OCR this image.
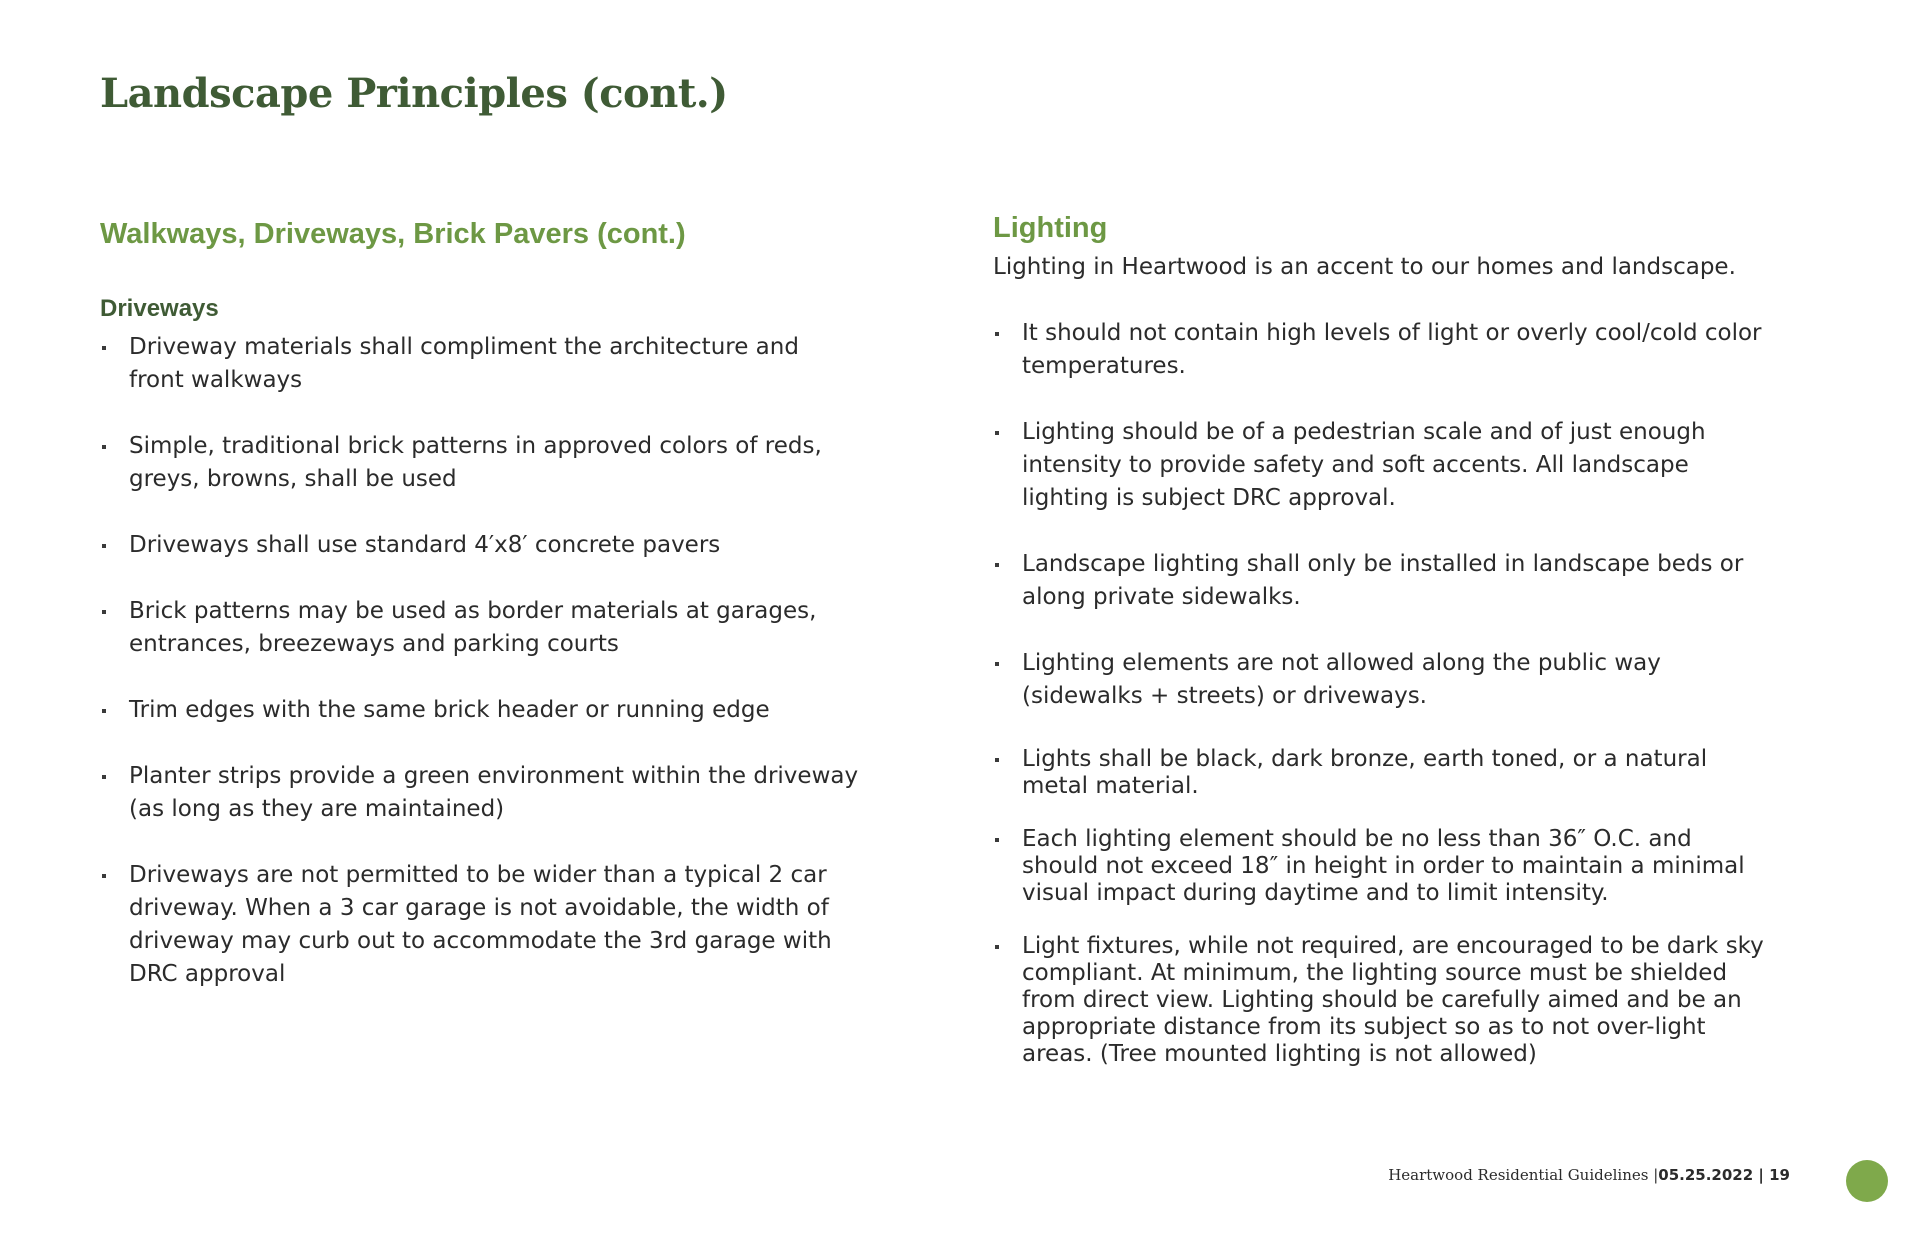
Landscape Principles (cont.)
Walkways, Driveways, Brick Pavers (cont.)
Driveways
Driveway materials shall compliment the architecture and front walkways
Simple, traditional brick patterns in approved colors of reds, greys, browns, shall be used
Driveways shall use standard 4′x8′ concrete pavers
Brick patterns may be used as border materials at garages, entrances, breezeways and parking courts
Trim edges with the same brick header or running edge
Planter strips provide a green environment within the driveway (as long as they are maintained)
Driveways are not permitted to be wider than a typical 2 car driveway. When a 3 car garage is not avoidable, the width of driveway may curb out to accommodate the 3rd garage with DRC approval
Lighting

Lighting in Heartwood is an accent to our homes and landscape.

It should not contain high levels of light or overly cool/cold color temperatures.
Lighting should be of a pedestrian scale and of just enough intensity to provide safety and soft accents. All landscape lighting is subject DRC approval.
Landscape lighting shall only be installed in landscape beds or along private sidewalks.
Lighting elements are not allowed along the public way (sidewalks + streets) or driveways.
Lights shall be black, dark bronze, earth toned, or a natural metal material.
Each lighting element should be no less than 36″ O.C. and should not exceed 18″ in height in order to maintain a minimal visual impact during daytime and to limit intensity.
Light fixtures, while not required, are encouraged to be dark sky compliant. At minimum, the lighting source must be shielded from direct view. Lighting should be carefully aimed and be an appropriate distance from its subject so as to not over-light areas. (Tree mounted lighting is not allowed)
Heartwood Residential Guidelines |05.25.2022 | 19
